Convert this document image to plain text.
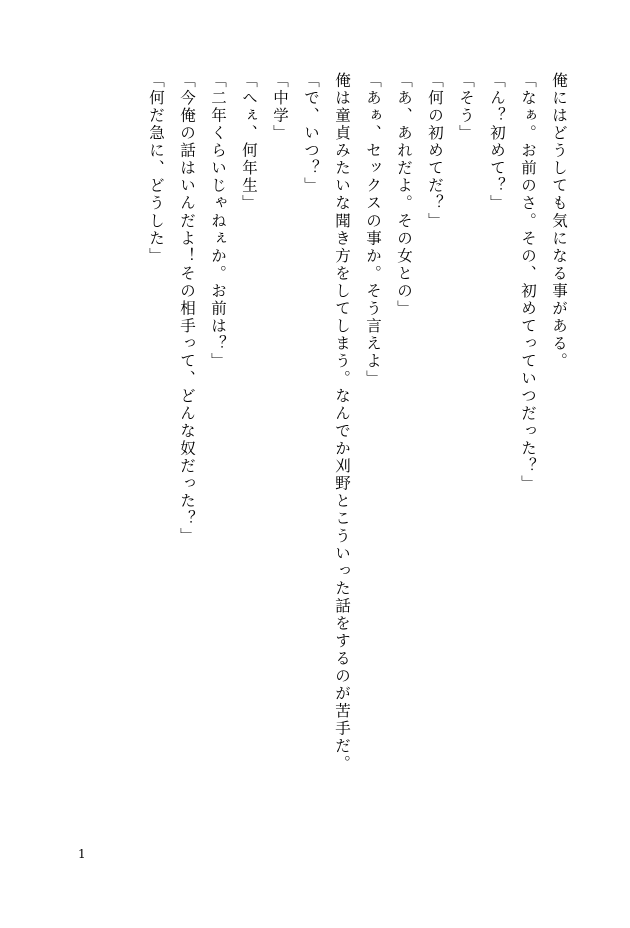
俺にはどうしても気になる事がある。

「なぁ。お前のさ。その、初めてっていつだった？」

「ん？初めて？」

「そう」

「何の初めてだ？」

「あ、あれだよ。その女との」

「あぁ、セックスの事か。そう言えよ」

俺は童貞みたいな聞き方をしてしまう。なんでか刈野とこういった話をするのが苦手だ。

「で、いつ？」

「中学」

「へぇ、何年生」

「二年くらいじゃねぇか。お前は？」

「今俺の話はいんだよ！その相手って、どんな奴だった？」

「何だ急に、どうした」

1
